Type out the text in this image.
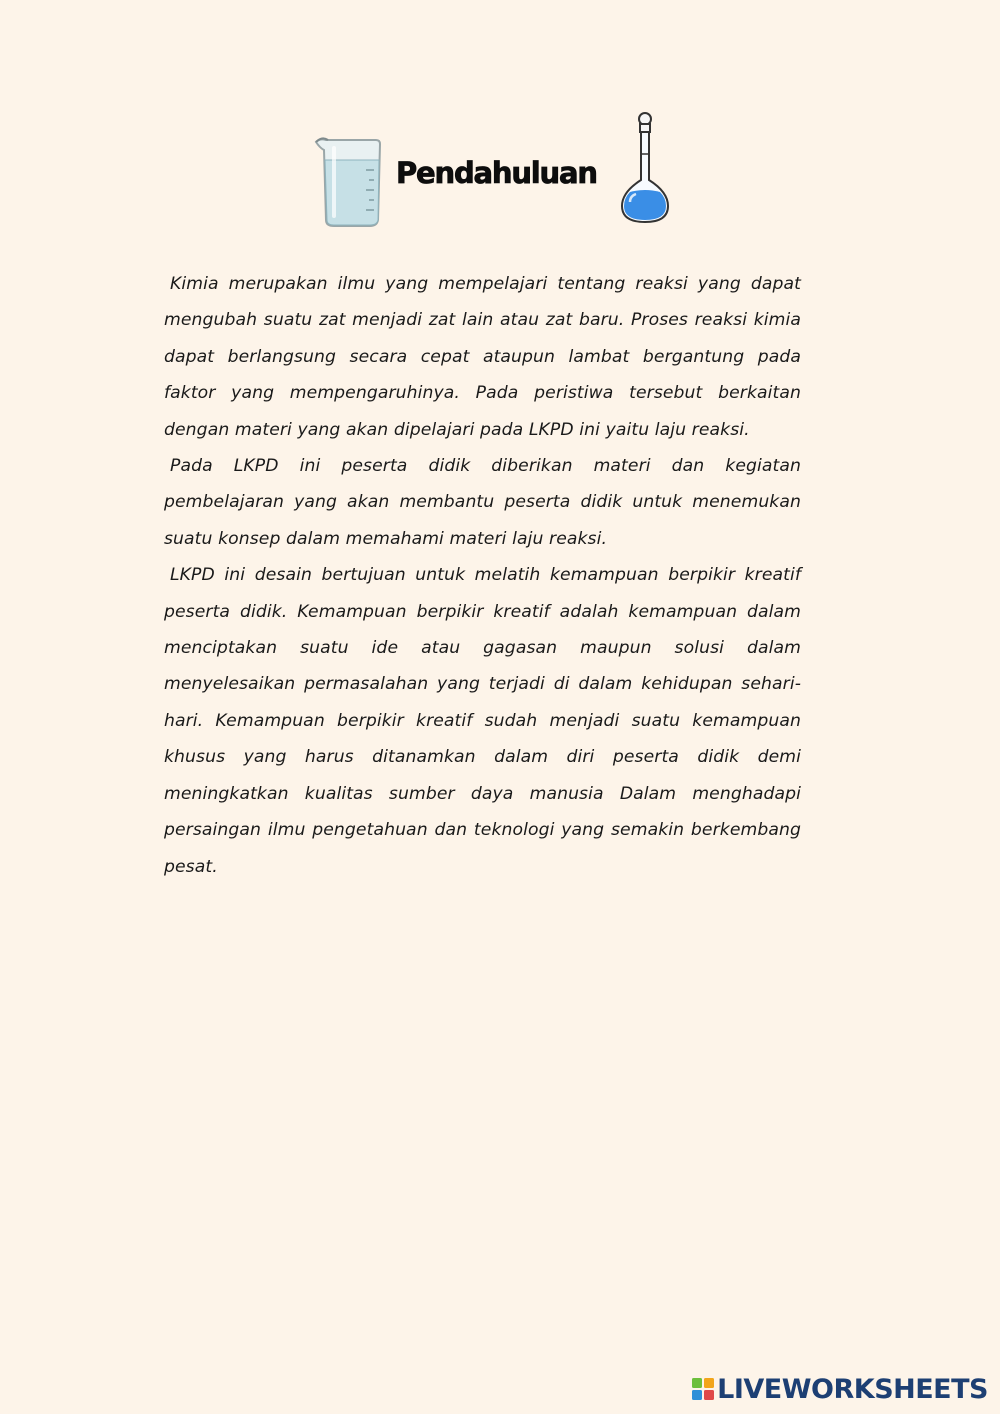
Pendahuluan

Kimia merupakan ilmu yang mempelajari tentang reaksi yang dapat mengubah suatu zat menjadi zat lain atau zat baru. Proses reaksi kimia dapat berlangsung secara cepat ataupun lambat bergantung pada faktor yang mempengaruhinya. Pada peristiwa tersebut berkaitan dengan materi yang akan dipelajari pada LKPD ini yaitu laju reaksi.

Pada LKPD ini peserta didik diberikan materi dan kegiatan pembelajaran yang akan membantu peserta didik untuk menemukan suatu konsep dalam memahami materi laju reaksi.

LKPD ini desain bertujuan untuk melatih kemampuan berpikir kreatif peserta didik. Kemampuan berpikir kreatif adalah kemampuan dalam menciptakan suatu ide atau gagasan maupun solusi dalam menyelesaikan permasalahan yang terjadi di dalam kehidupan sehari-hari. Kemampuan berpikir kreatif sudah menjadi suatu kemampuan khusus yang harus ditanamkan dalam diri peserta didik demi meningkatkan kualitas sumber daya manusia Dalam menghadapi persaingan ilmu pengetahuan dan teknologi yang semakin berkembang pesat.

LIVEWORKSHEETS
